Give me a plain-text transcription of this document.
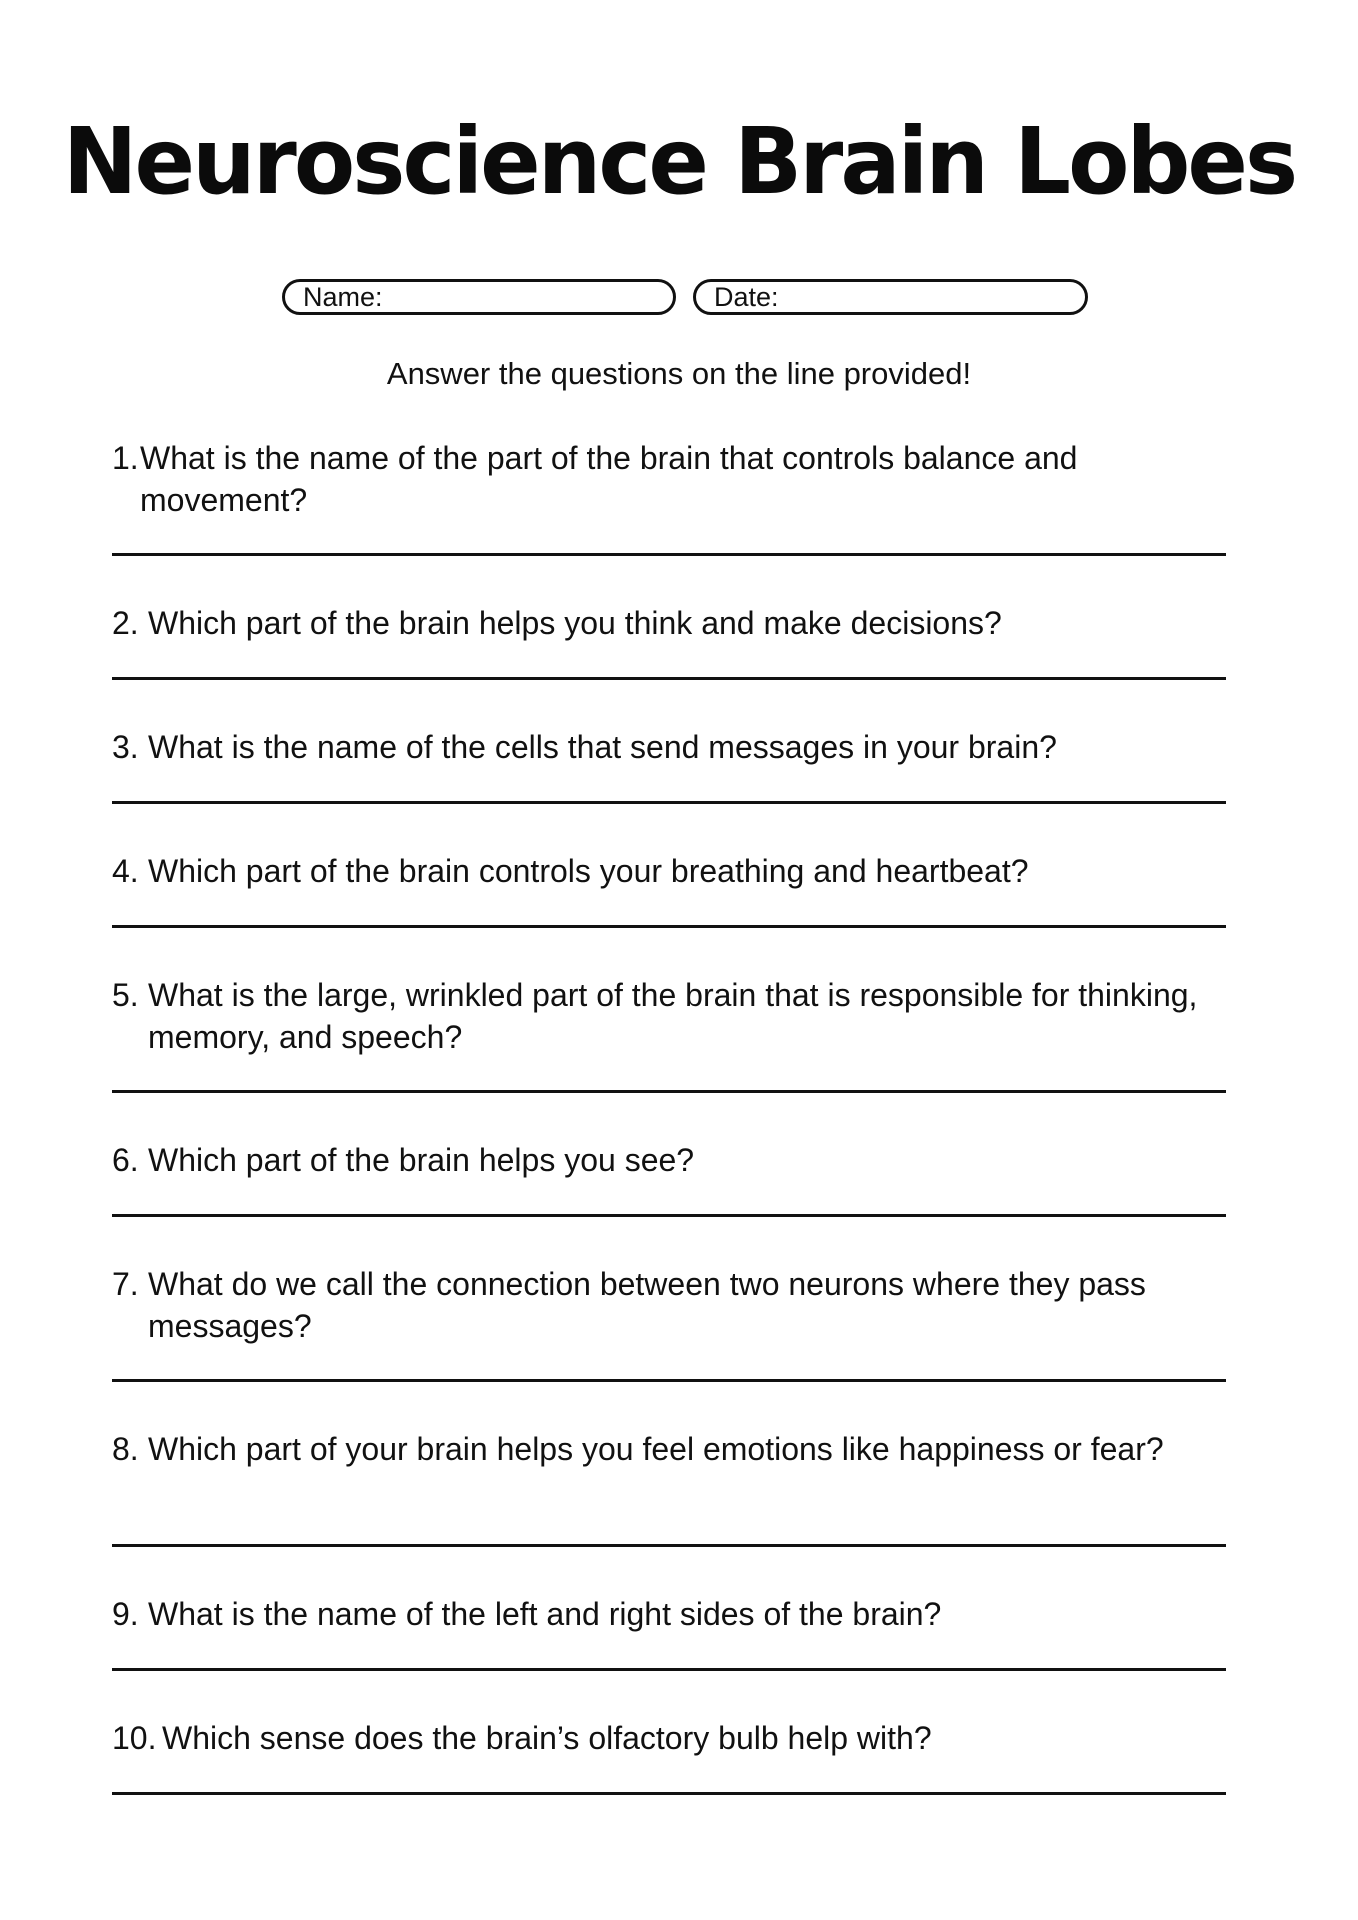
Neuroscience Brain Lobes
Name:	Date:
Answer the questions on the line provided!
1. What is the name of the part of the brain that controls balance and movement?
2. Which part of the brain helps you think and make decisions?
3. What is the name of the cells that send messages in your brain?
4. Which part of the brain controls your breathing and heartbeat?
5. What is the large, wrinkled part of the brain that is responsible for thinking, memory, and speech?
6. Which part of the brain helps you see?
7. What do we call the connection between two neurons where they pass messages?
8. Which part of your brain helps you feel emotions like happiness or fear?
9. What is the name of the left and right sides of the brain?
10. Which sense does the brain’s olfactory bulb help with?
